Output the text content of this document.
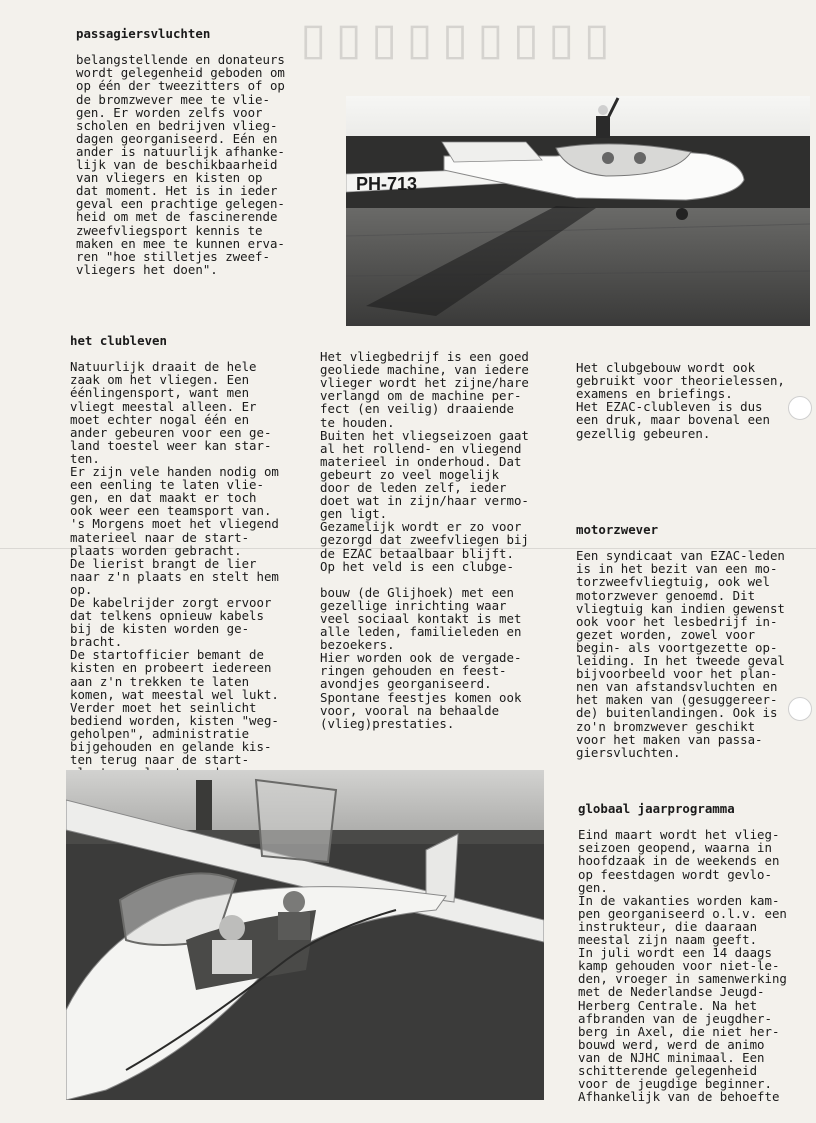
▯▯▯▯▯▯▯▯▯

passagiersvluchten

belangstellende en donateurs
wordt gelegenheid geboden om
op één der tweezitters of op
de bromzwever mee te vlie-
gen. Er worden zelfs voor
scholen en bedrijven vlieg-
dagen georganiseerd. Eén en
ander is natuurlijk afhanke-
lijk van de beschikbaarheid
van vliegers en kisten op
dat moment. Het is in ieder
geval een prachtige gelegen-
heid om met de fascinerende
zweefvliegsport kennis te
maken en mee te kunnen erva-
ren "hoe stilletjes zweef-
vliegers het doen".

PH-713

het clubleven

Natuurlijk draait de hele
zaak om het vliegen. Een
éénlingensport, want men
vliegt meestal alleen. Er
moet echter nogal één en
ander gebeuren voor een ge-
land toestel weer kan star-
ten.
Er zijn vele handen nodig om
een eenling te laten vlie-
gen, en dat maakt er toch
ook weer een teamsport van.
's Morgens moet het vliegend
materieel naar de start-
plaats worden gebracht.
De lierist brangt de lier
naar z'n plaats en stelt hem
op.
De kabelrijder zorgt ervoor
dat telkens opnieuw kabels
bij de kisten worden ge-
bracht.
De startofficier bemant de
kisten en probeert iedereen
aan z'n trekken te laten
komen, wat meestal wel lukt.
Verder moet het seinlicht
bediend worden, kisten "weg-
geholpen", administratie
bijgehouden en gelande kis-
ten terug naar de start-

Het vliegbedrijf is een goed
geoliede machine, van iedere
vlieger wordt het zijne/hare
verlangd om de machine per-
fect (en veilig) draaiende
te houden.
Buiten het vliegseizoen gaat
al het rollend- en vliegend
materieel in onderhoud. Dat
gebeurt zo veel mogelijk
door de leden zelf, ieder
doet wat in zijn/haar vermo-
gen ligt.
Gezamelijk wordt er zo voor
gezorgd dat zweefvliegen bij
de EZAC betaalbaar blijft.
Op het veld is een clubge-

bouw (de Glijhoek) met een
gezellige inrichting waar
veel sociaal kontakt is met
alle leden, familieleden en
bezoekers.
Hier worden ook de vergade-
ringen gehouden en feest-
avondjes georganiseerd.
Spontane feestjes komen ook
voor, vooral na behaalde
(vlieg)prestaties.

Het clubgebouw wordt ook
gebruikt voor theorielessen,
examens en briefings.
Het EZAC-clubleven is dus
een druk, maar bovenal een
gezellig gebeuren.

motorzwever

Een syndicaat van EZAC-leden
is in het bezit van een mo-
torzweefvliegtuig, ook wel
motorzwever genoemd. Dit
vliegtuig kan indien gewenst
ook voor het lesbedrijf in-
gezet worden, zowel voor
begin- als voortgezette op-
leiding. In het tweede geval
bijvoorbeeld voor het plan-
nen van afstandsvluchten en
het maken van (gesuggereer-
de) buitenlandingen. Ook is
zo'n bromzwever geschikt
voor het maken van passa-
giersvluchten.

globaal jaarprogramma

Eind maart wordt het vlieg-
seizoen geopend, waarna in
hoofdzaak in de weekends en
op feestdagen wordt gevlo-
gen.
In de vakanties worden kam-
pen georganiseerd o.l.v. een
instrukteur, die daaraan
meestal zijn naam geeft.
In juli wordt een 14 daags
kamp gehouden voor niet-le-
den, vroeger in samenwerking
met de Nederlandse Jeugd-
Herberg Centrale. Na het
afbranden van de jeugdher-
berg in Axel, die niet her-
bouwd werd, werd de animo
van de NJHC minimaal. Een
schitterende gelegenheid
voor de jeugdige beginner.
Afhankelijk van de behoefte
